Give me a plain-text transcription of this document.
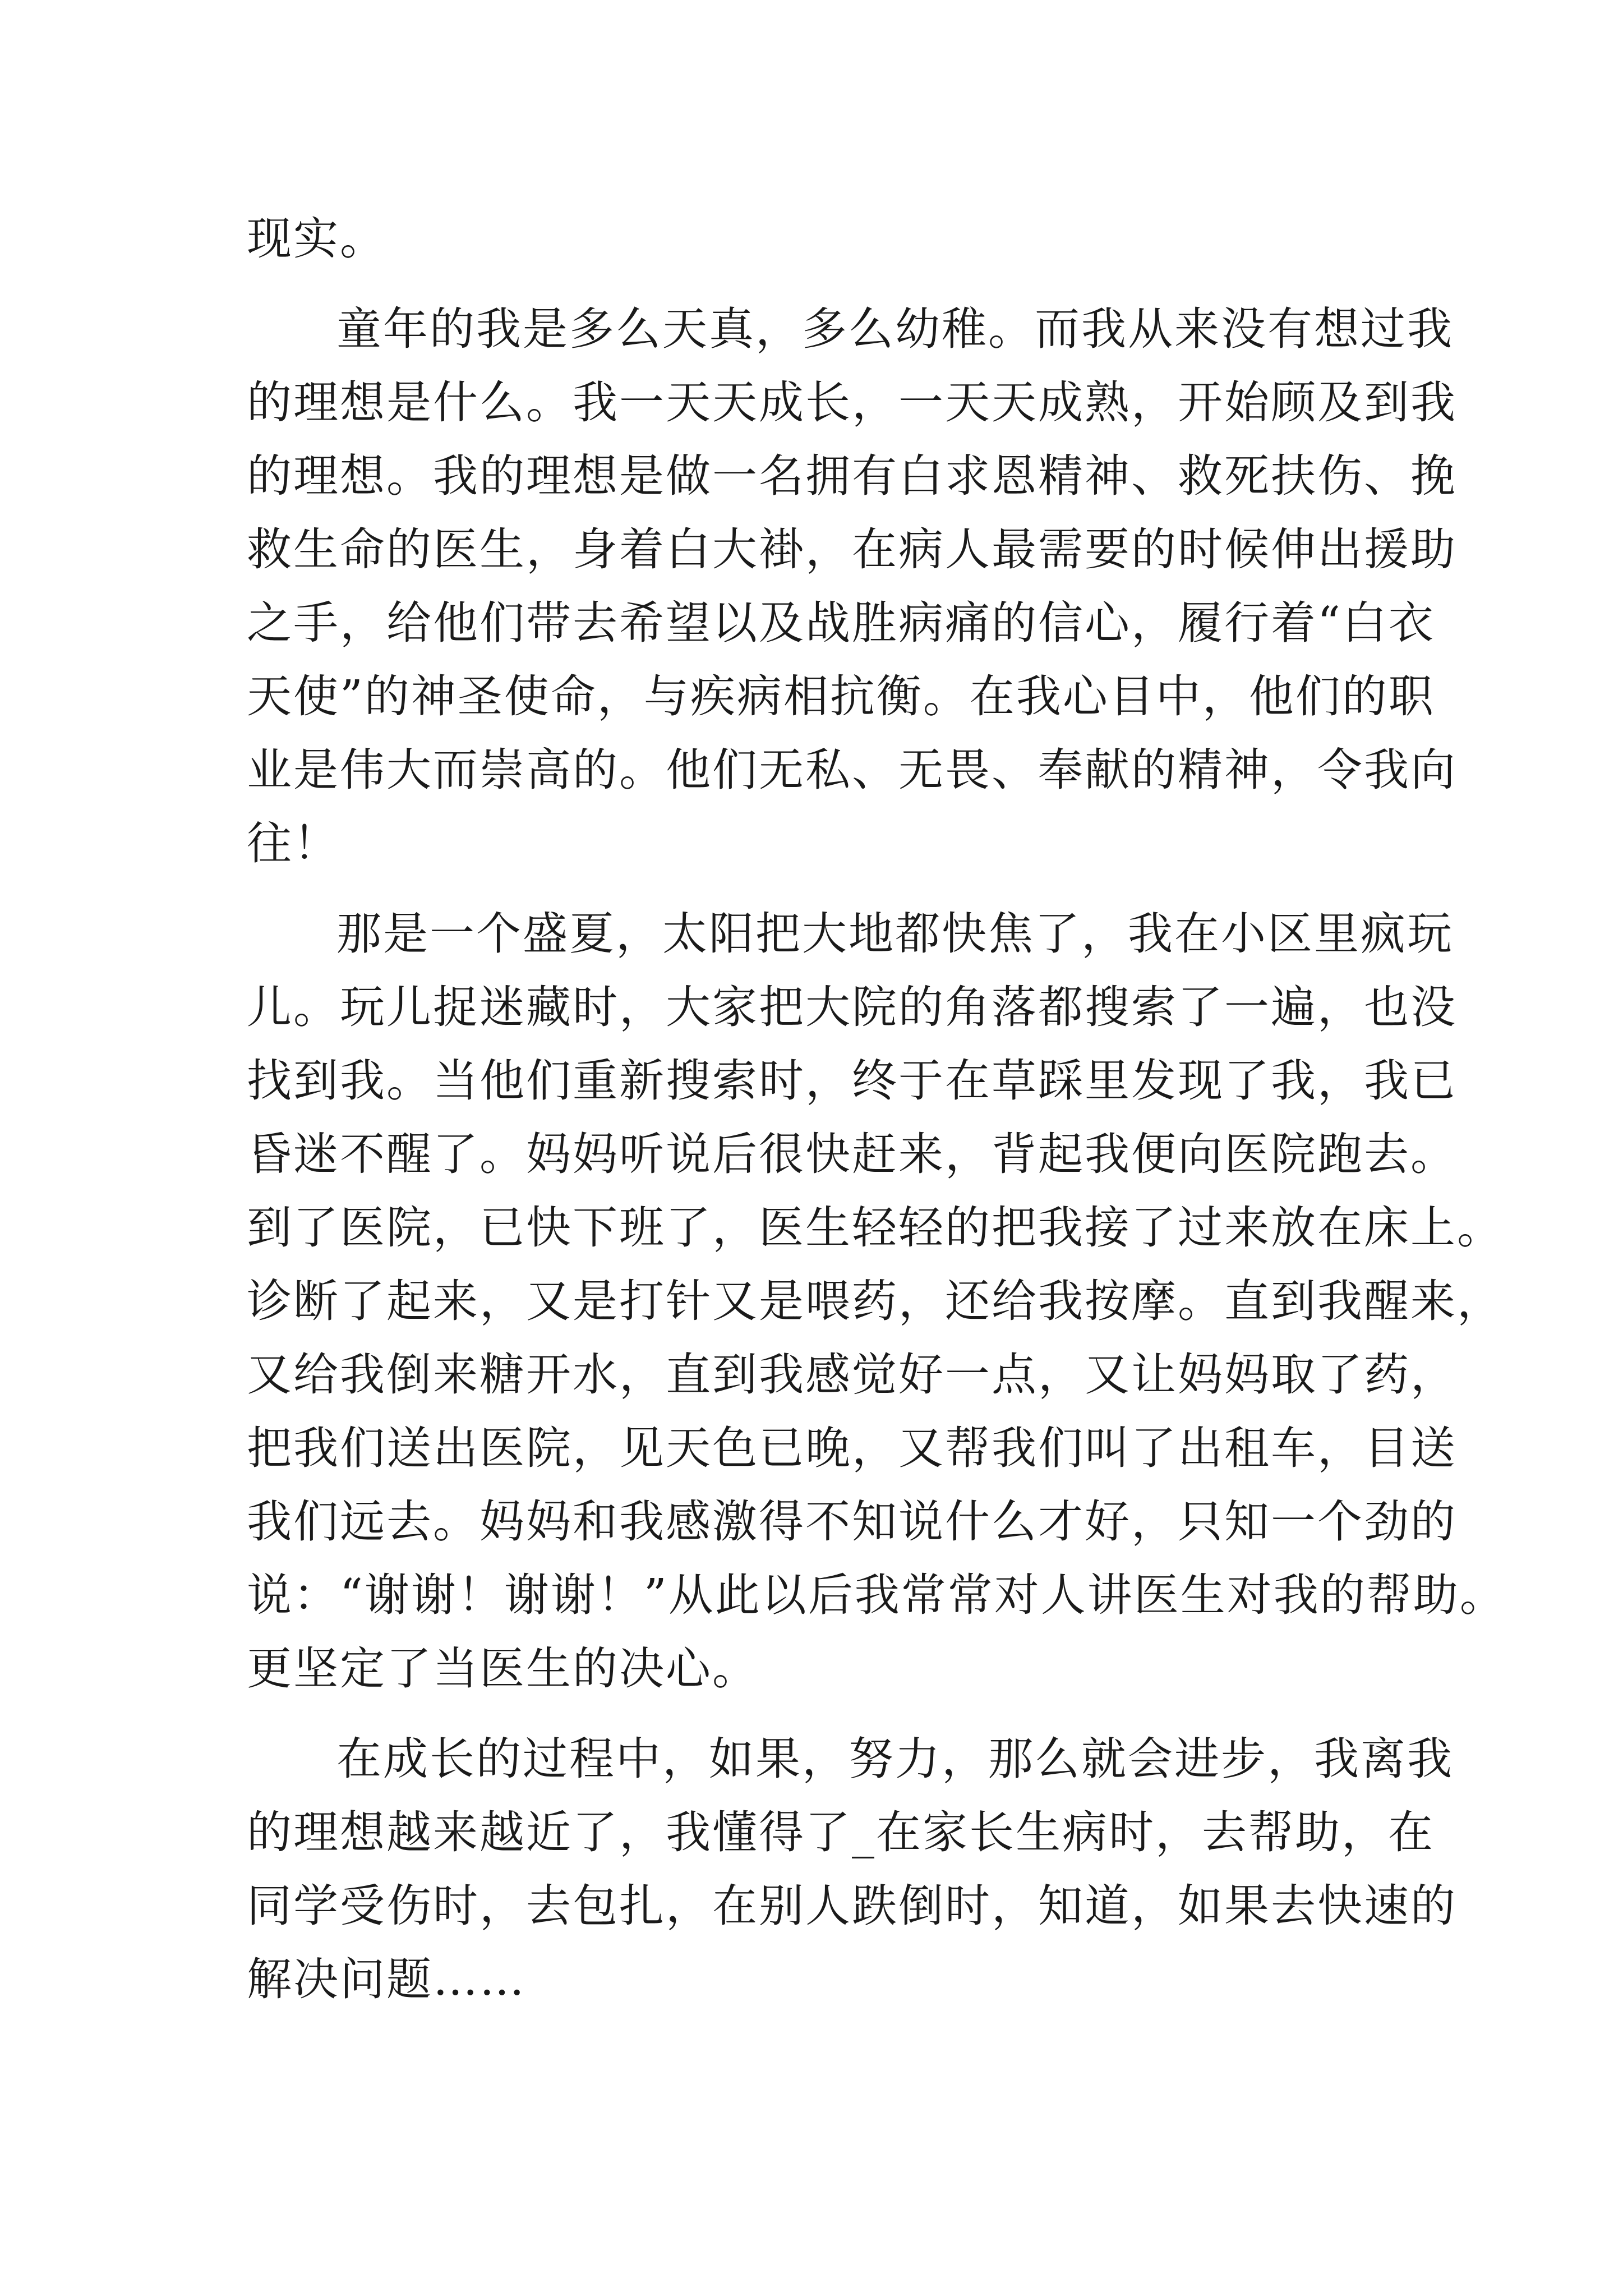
现实。
童年的我是多么天真，多么幼稚。而我从来没有想过我
的理想是什么。我一天天成长，一天天成熟，开始顾及到我
的理想。我的理想是做一名拥有白求恩精神、救死扶伤、挽
救生命的医生，身着白大褂，在病人最需要的时候伸出援助
之手，给他们带去希望以及战胜病痛的信心，履行着“白衣
天使”的神圣使命，与疾病相抗衡。在我心目中，他们的职
业是伟大而崇高的。他们无私、无畏、奉献的精神，令我向
往！
那是一个盛夏，太阳把大地都快焦了，我在小区里疯玩
儿。玩儿捉迷藏时，大家把大院的角落都搜索了一遍，也没
找到我。当他们重新搜索时，终于在草踩里发现了我，我已
昏迷不醒了。妈妈听说后很快赶来，背起我便向医院跑去。
到了医院，已快下班了，医生轻轻的把我接了过来放在床上。
诊断了起来，又是打针又是喂药，还给我按摩。直到我醒来，
又给我倒来糖开水，直到我感觉好一点，又让妈妈取了药，
把我们送出医院，见天色已晚，又帮我们叫了出租车，目送
我们远去。妈妈和我感激得不知说什么才好，只知一个劲的
说：“谢谢！谢谢！”从此以后我常常对人讲医生对我的帮助。
更坚定了当医生的决心。
在成长的过程中，如果，努力，那么就会进步，我离我
的理想越来越近了，我懂得了_在家长生病时，去帮助，在
同学受伤时，去包扎，在别人跌倒时，知道，如果去快速的
解决问题……
